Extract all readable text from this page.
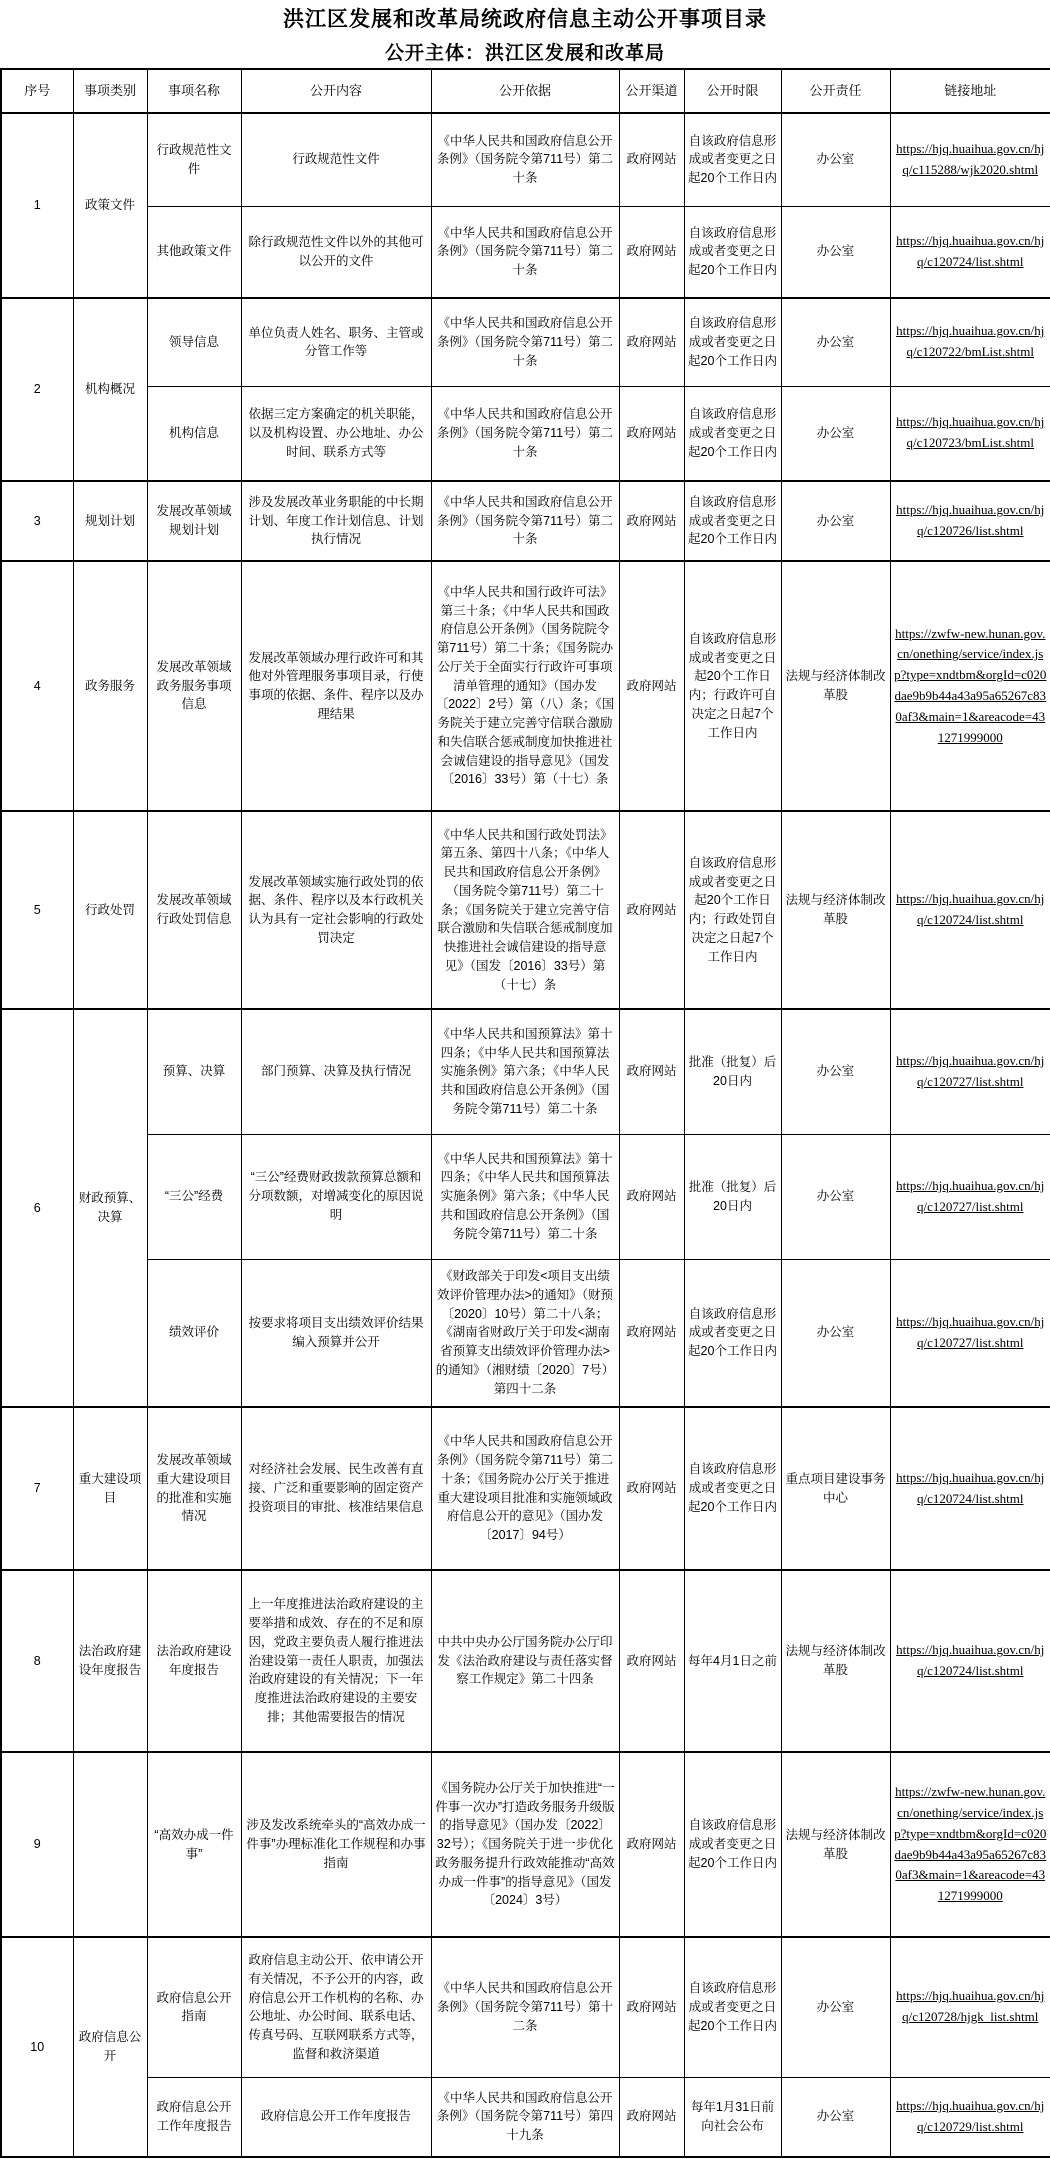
洪江区发展和改革局统政府信息主动公开事项目录
公开主体：洪江区发展和改革局
序号	事项类别	事项名称	公开内容	公开依据	公开渠道	公开时限	公开责任	链接地址
1	政策文件	行政规范性文 件	行政规范性文件	《中华人民共和国政府信息公开条例》（国务院令第711号）第二十条	政府网站	自该政府信息形成或者变更之日起20个工作日内	办公室	https://hjq.huaihua.gov.cn/hjq/c115288/wjk2020.shtml
		其他政策文件	除行政规范性文件以外的其他可以公开的文件	《中华人民共和国政府信息公开条例》（国务院令第711号）第二十条	政府网站	自该政府信息形成或者变更之日起20个工作日内	办公室	https://hjq.huaihua.gov.cn/hjq/c120724/list.shtml
2	机构概况	领导信息	单位负责人姓名、职务、主管或分管工作等	《中华人民共和国政府信息公开条例》（国务院令第711号）第二十条	政府网站	自该政府信息形成或者变更之日起20个工作日内	办公室	https://hjq.huaihua.gov.cn/hjq/c120722/bmList.shtml
		机构信息	依据三定方案确定的机关职能，以及机构设置、办公地址、办公时间、联系方式等	《中华人民共和国政府信息公开条例》（国务院令第711号）第二十条	政府网站	自该政府信息形成或者变更之日起20个工作日内	办公室	https://hjq.huaihua.gov.cn/hjq/c120723/bmList.shtml
3	规划计划	发展改革领域规划计划	涉及发展改革业务职能的中长期计划、年度工作计划信息、计划执行情况	《中华人民共和国政府信息公开条例》（国务院令第711号）第二十条	政府网站	自该政府信息形成或者变更之日起20个工作日内	办公室	https://hjq.huaihua.gov.cn/hjq/c120726/list.shtml
4	政务服务	发展改革领域政务服务事项信息	发展改革领域办理行政许可和其他对外管理服务事项目录，行使事项的依据、条件、程序以及办理结果	《中华人民共和国行政许可法》第三十条；《中华人民共和国政府信息公开条例》（国务院院令第711号）第二十条；《国务院办公厅关于全面实行行政许可事项清单管理的通知》（国办发〔2022〕2号）第（八）条；《国务院关于建立完善守信联合激励和失信联合惩戒制度加快推进社会诚信建设的指导意见》（国发〔2016〕33号）第（十七）条	政府网站	自该政府信息形成或者变更之日起20个工作日内；行政许可自决定之日起7个工作日内	法规与经济体制改革股	https://zwfw-new.hunan.gov.cn/onething/service/index.jsp?type=xndtbm&orgId=c020dae9b9b44a43a95a65267c830af3&main=1&areacode=431271999000
5	行政处罚	发展改革领域行政处罚信息	发展改革领域实施行政处罚的依据、条件、程序以及本行政机关认为具有一定社会影响的行政处罚决定	《中华人民共和国行政处罚法》第五条、第四十八条；《中华人民共和国政府信息公开条例》（国务院令第711号）第二十条；《国务院关于建立完善守信联合激励和失信联合惩戒制度加快推进社会诚信建设的指导意见》（国发〔2016〕33号）第（十七）条	政府网站	自该政府信息形成或者变更之日起20个工作日内；行政处罚自决定之日起7个工作日内	法规与经济体制改革股	https://hjq.huaihua.gov.cn/hjq/c120724/list.shtml
6	财政预算、决算	预算、决算	部门预算、决算及执行情况	《中华人民共和国预算法》第十四条；《中华人民共和国预算法实施条例》第六条；《中华人民共和国政府信息公开条例》（国务院令第711号）第二十条	政府网站	批准（批复）后20日内	办公室	https://hjq.huaihua.gov.cn/hjq/c120727/list.shtml
		“三公”经费	“三公”经费财政拨款预算总额和分项数额，对增减变化的原因说明	《中华人民共和国预算法》第十四条；《中华人民共和国预算法实施条例》第六条；《中华人民共和国政府信息公开条例》（国务院令第711号）第二十条	政府网站	批准（批复）后20日内	办公室	https://hjq.huaihua.gov.cn/hjq/c120727/list.shtml
		绩效评价	按要求将项目支出绩效评价结果编入预算并公开	《财政部关于印发<项目支出绩效评价管理办法>的通知》（财预〔2020〕10号）第二十八条；《湖南省财政厅关于印发<湖南省预算支出绩效评价管理办法>的通知》（湘财绩〔2020〕7号）第四十二条	政府网站	自该政府信息形成或者变更之日起20个工作日内	办公室	https://hjq.huaihua.gov.cn/hjq/c120727/list.shtml
7	重大建设项目	发展改革领域重大建设项目的批准和实施情况	对经济社会发展、民生改善有直接、广泛和重要影响的固定资产投资项目的审批、核准结果信息	《中华人民共和国政府信息公开条例》（国务院令第711号）第二十条；《国务院办公厅关于推进重大建设项目批准和实施领域政府信息公开的意见》（国办发〔2017〕94号）	政府网站	自该政府信息形成或者变更之日起20个工作日内	重点项目建设事务中心	https://hjq.huaihua.gov.cn/hjq/c120724/list.shtml
8	法治政府建设年度报告	法治政府建设年度报告	上一年度推进法治政府建设的主要举措和成效、存在的不足和原因，党政主要负责人履行推进法治建设第一责任人职责，加强法治政府建设的有关情况；下一年度推进法治政府建设的主要安排；其他需要报告的情况	中共中央办公厅国务院办公厅印发《法治政府建设与责任落实督察工作规定》第二十四条	政府网站	每年4月1日之前	法规与经济体制改革股	https://hjq.huaihua.gov.cn/hjq/c120724/list.shtml
9		“高效办成一件事”	涉及发改系统牵头的“高效办成一件事”办理标准化工作规程和办事指南	《国务院办公厅关于加快推进“一件事一次办”打造政务服务升级版的指导意见》（国办发〔2022〕32号）；《国务院关于进一步优化政务服务提升行政效能推动“高效办成一件事”的指导意见》（国发〔2024〕3号）	政府网站	自该政府信息形成或者变更之日起20个工作日内	法规与经济体制改革股	https://zwfw-new.hunan.gov.cn/onething/service/index.jsp?type=xndtbm&orgId=c020dae9b9b44a43a95a65267c830af3&main=1&areacode=431271999000
10	政府信息公开	政府信息公开指南	政府信息主动公开、依申请公开有关情况，不予公开的内容，政府信息公开工作机构的名称、办公地址、办公时间、联系电话、传真号码、互联网联系方式等，监督和救济渠道	《中华人民共和国政府信息公开条例》（国务院令第711号）第十二条	政府网站	自该政府信息形成或者变更之日起20个工作日内	办公室	https://hjq.huaihua.gov.cn/hjq/c120728/hjgk_list.shtml
		政府信息公开工作年度报告	政府信息公开工作年度报告	《中华人民共和国政府信息公开条例》（国务院令第711号）第四十九条	政府网站	每年1月31日前向社会公布	办公室	https://hjq.huaihua.gov.cn/hjq/c120729/list.shtml
